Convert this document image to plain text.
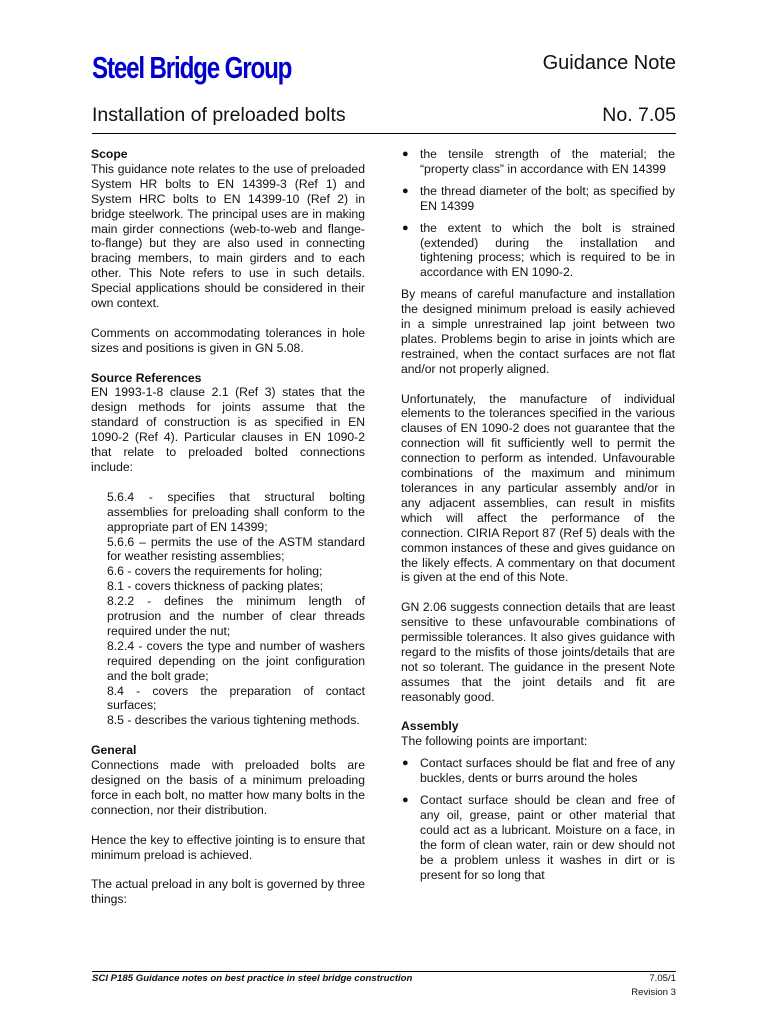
Steel Bridge Group	Guidance Note
Installation of preloaded bolts	No. 7.05
Scope

This guidance note relates to the use of preloaded System HR bolts to EN 14399-3 (Ref 1) and System HRC bolts to EN 14399-10 (Ref 2) in bridge steelwork. The principal uses are in making main girder connections (web-to-web and flange-to-flange) but they are also used in connecting bracing members, to main girders and to each other. This Note refers to use in such details. Special applications should be considered in their own context.

Comments on accommodating tolerances in hole sizes and positions is given in GN 5.08.

Source References

EN 1993-1-8 clause 2.1 (Ref 3) states that the design methods for joints assume that the standard of construction is as specified in EN 1090-2 (Ref 4). Particular clauses in EN 1090-2 that relate to preloaded bolted connections include:

5.6.4 - specifies that structural bolting assemblies for preloading shall conform to the appropriate part of EN 14399;
5.6.6 – permits the use of the ASTM standard for weather resisting assemblies;
6.6 - covers the requirements for holing;
8.1 - covers thickness of packing plates;
8.2.2 - defines the minimum length of protrusion and the number of clear threads required under the nut;
8.2.4 - covers the type and number of washers required depending on the joint configuration and the bolt grade;
8.4 - covers the preparation of contact surfaces;
8.5 - describes the various tightening methods.
General

Connections made with preloaded bolts are designed on the basis of a minimum preloading force in each bolt, no matter how many bolts in the connection, nor their distribution.

Hence the key to effective jointing is to ensure that minimum preload is achieved.

The actual preload in any bolt is governed by three things:

● the tensile strength of the material; the “property class” in accordance with EN 14399
● the thread diameter of the bolt; as specified by EN 14399
● the extent to which the bolt is strained (extended) during the installation and tightening process; which is required to be in accordance with EN 1090-2.

By means of careful manufacture and installation the designed minimum preload is easily achieved in a simple unrestrained lap joint between two plates. Problems begin to arise in joints which are restrained, when the contact surfaces are not flat and/or not properly aligned.

Unfortunately, the manufacture of individual elements to the tolerances specified in the various clauses of EN 1090-2 does not guarantee that the connection will fit sufficiently well to permit the connection to perform as intended. Unfavourable combinations of the maximum and minimum tolerances in any particular assembly and/or in any adjacent assemblies, can result in misfits which will affect the performance of the connection. CIRIA Report 87 (Ref 5) deals with the common instances of these and gives guidance on the likely effects. A commentary on that document is given at the end of this Note.

GN 2.06 suggests connection details that are least sensitive to these unfavourable combinations of permissible tolerances. It also gives guidance with regard to the misfits of those joints/details that are not so tolerant. The guidance in the present Note assumes that the joint details and fit are reasonably good.

Assembly

The following points are important:

● Contact surfaces should be flat and free of any buckles, dents or burrs around the holes
● Contact surface should be clean and free of any oil, grease, paint or other material that could act as a lubricant. Moisture on a face, in the form of clean water, rain or dew should not be a problem unless it washes in dirt or is present for so long that
SCI P185 Guidance notes on best practice in steel bridge construction	7.05/1
Revision 3
